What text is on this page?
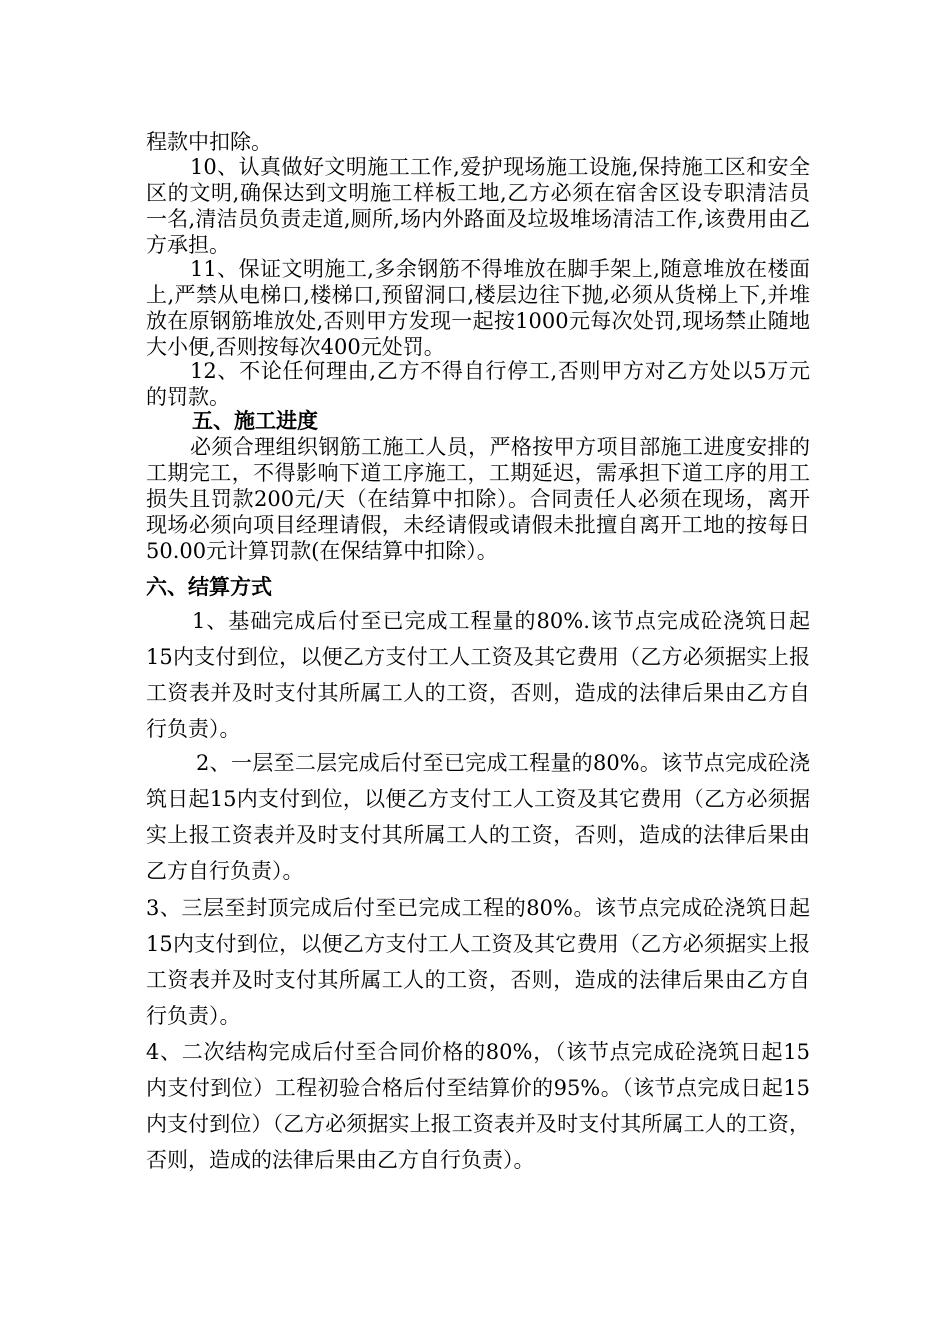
程款中扣除。

10、认真做好文明施工工作,爱护现场施工设施,保持施工区和安全区的文明,确保达到文明施工样板工地,乙方必须在宿舍区设专职清洁员一名,清洁员负责走道,厕所,场内外路面及垃圾堆场清洁工作,该费用由乙方承担。

11、保证文明施工,多余钢筋不得堆放在脚手架上,随意堆放在楼面上,严禁从电梯口,楼梯口,预留洞口,楼层边往下抛,必须从货梯上下,并堆放在原钢筋堆放处,否则甲方发现一起按1000元每次处罚,现场禁止随地大小便,否则按每次400元处罚。

12、不论任何理由,乙方不得自行停工,否则甲方对乙方处以5万元的罚款。

五、施工进度

必须合理组织钢筋工施工人员，严格按甲方项目部施工进度安排的工期完工，不得影响下道工序施工，工期延迟，需承担下道工序的用工损失且罚款200元/天（在结算中扣除）。合同责任人必须在现场，离开现场必须向项目经理请假，未经请假或请假未批擅自离开工地的按每日50.00元计算罚款(在保结算中扣除）。

六、结算方式

1、基础完成后付至已完成工程量的80%.该节点完成砼浇筑日起15内支付到位，以便乙方支付工人工资及其它费用（乙方必须据实上报工资表并及时支付其所属工人的工资，否则，造成的法律后果由乙方自行负责）。

2、一层至二层完成后付至已完成工程量的80%。该节点完成砼浇筑日起15内支付到位，以便乙方支付工人工资及其它费用（乙方必须据实上报工资表并及时支付其所属工人的工资，否则，造成的法律后果由乙方自行负责）。

3、三层至封顶完成后付至已完成工程的80%。该节点完成砼浇筑日起15内支付到位，以便乙方支付工人工资及其它费用（乙方必须据实上报工资表并及时支付其所属工人的工资，否则，造成的法律后果由乙方自行负责）。

4、二次结构完成后付至合同价格的80%，（该节点完成砼浇筑日起15内支付到位）工程初验合格后付至结算价的95%。（该节点完成日起15内支付到位）（乙方必须据实上报工资表并及时支付其所属工人的工资，否则，造成的法律后果由乙方自行负责）。
